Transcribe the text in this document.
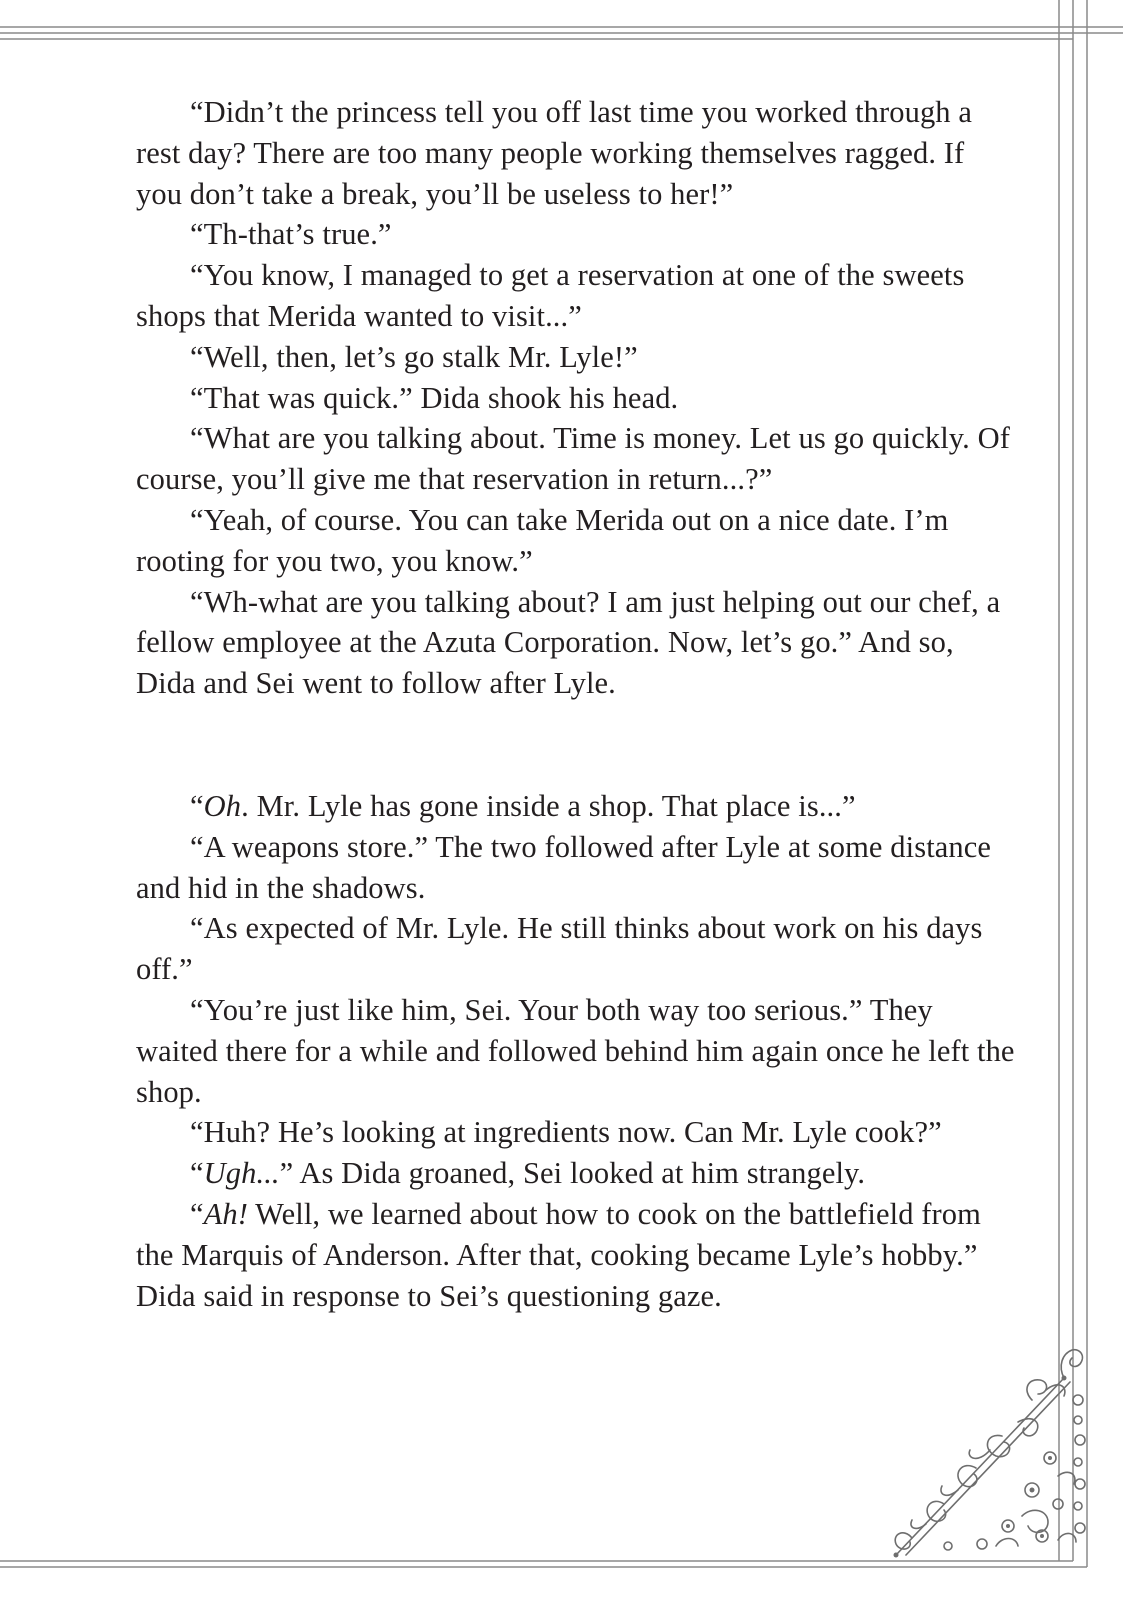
“Didn’t the princess tell you off last time you worked through a rest day? There are too many people working themselves ragged. If you don’t take a break, you’ll be useless to her!”

“Th-that’s true.”

“You know, I managed to get a reservation at one of the sweets shops that Merida wanted to visit...”

“Well, then, let’s go stalk Mr. Lyle!”

“That was quick.” Dida shook his head.

“What are you talking about. Time is money. Let us go quickly. Of course, you’ll give me that reservation in return...?”

“Yeah, of course. You can take Merida out on a nice date. I’m rooting for you two, you know.”

“Wh-what are you talking about? I am just helping out our chef, a fellow employee at the Azuta Corporation. Now, let’s go.” And so, Dida and Sei went to follow after Lyle.

“Oh. Mr. Lyle has gone inside a shop. That place is...”

“A weapons store.” The two followed after Lyle at some distance and hid in the shadows.

“As expected of Mr. Lyle. He still thinks about work on his days off.”

“You’re just like him, Sei. Your both way too serious.” They waited there for a while and followed behind him again once he left the shop.

“Huh? He’s looking at ingredients now. Can Mr. Lyle cook?”

“Ugh...” As Dida groaned, Sei looked at him strangely.

“Ah! Well, we learned about how to cook on the battlefield from the Marquis of Anderson. After that, cooking became Lyle’s hobby.” Dida said in response to Sei’s questioning gaze.
